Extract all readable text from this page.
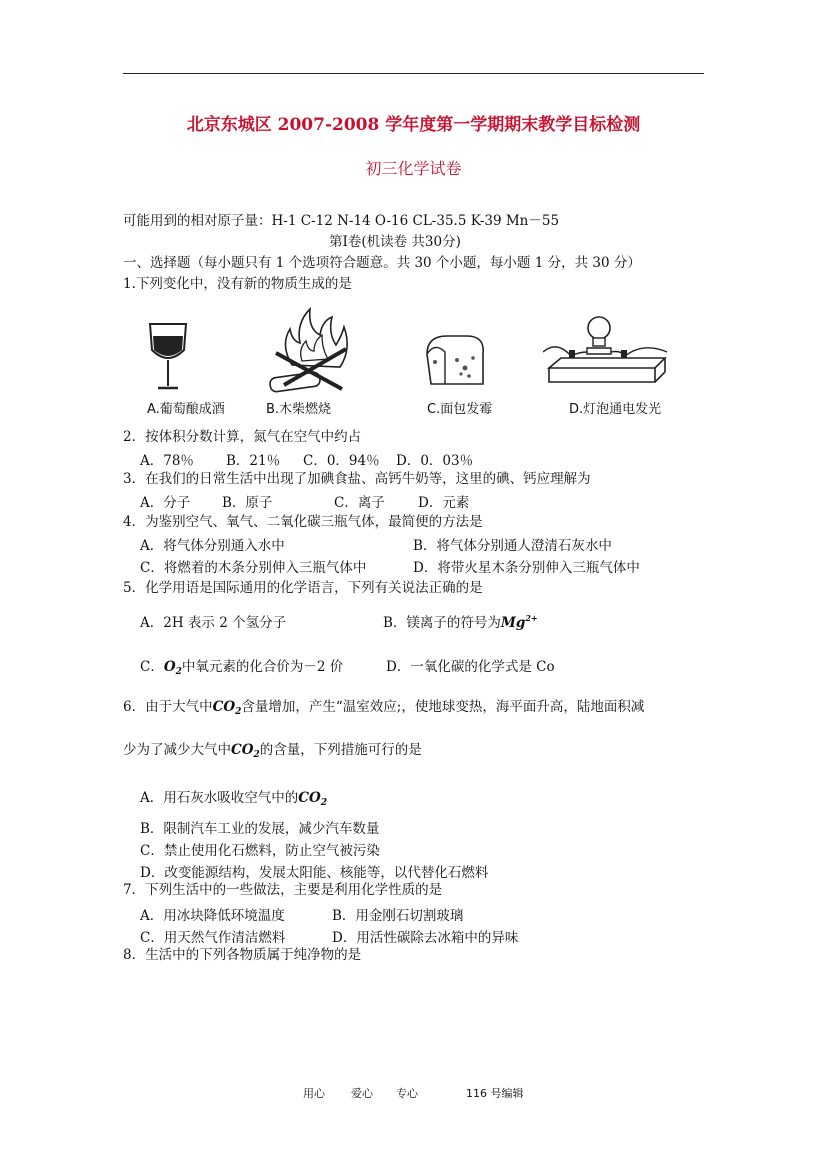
北京东城区 2007-2008 学年度第一学期期末教学目标检测
初三化学试卷
可能用到的相对原子量：H-1 C-12 N-14 O-16 CL-35.5 K-39 Mn－55
第Ⅰ卷(机读卷 共30分)
一、选择题（每小题只有 1 个选项符合题意。共 30 个小题，每小题 1 分，共 30 分）
1.下列变化中，没有新的物质生成的是
A.葡萄酿成酒	B.木柴燃烧	C.面包发霉	D.灯泡通电发光
2．按体积分数计算，氮气在空气中约占
A．78％ B．21％ C．0．94％ D．0．03％
3．在我们的日常生活中出现了加碘食盐、高钙牛奶等，这里的碘、钙应理解为
A．分子 B．原子	C．离子 D．元素
4．为鉴别空气、氧气、二氧化碳三瓶气体，最简便的方法是
A．将气体分别通入水中	B．将气体分别通人澄清石灰水中
C．将燃着的木条分别伸入三瓶气体中	D．将带火星木条分别伸入三瓶气体中
5．化学用语是国际通用的化学语言，下列有关说法正确的是
A．2H 表示 2 个氢分子	B．镁离子的符号为$Mg^{2+}$
C．$O_2$中氧元素的化合价为－2 价	D．一氧化碳的化学式是 Co
6．由于大气中$CO_2$含量增加，产生“温室效应;，使地球变热，海平面升高，陆地面积减
少为了减少大气中$CO_2$的含量，下列措施可行的是
A．用石灰水吸收空气中的$CO_2$
B．限制汽车工业的发展，减少汽车数量
C．禁止使用化石燃料，防止空气被污染
D．改变能源结构，发展太阳能、核能等，以代替化石燃料
7．下列生活中的一些做法，主要是利用化学性质的是
A．用冰块降低环境温度	B．用金刚石切割玻璃
C．用天然气作清洁燃料	D．用活性碳除去冰箱中的异味
8．生活中的下列各物质属于纯净物的是
用心 爱心 专心	116 号编辑
